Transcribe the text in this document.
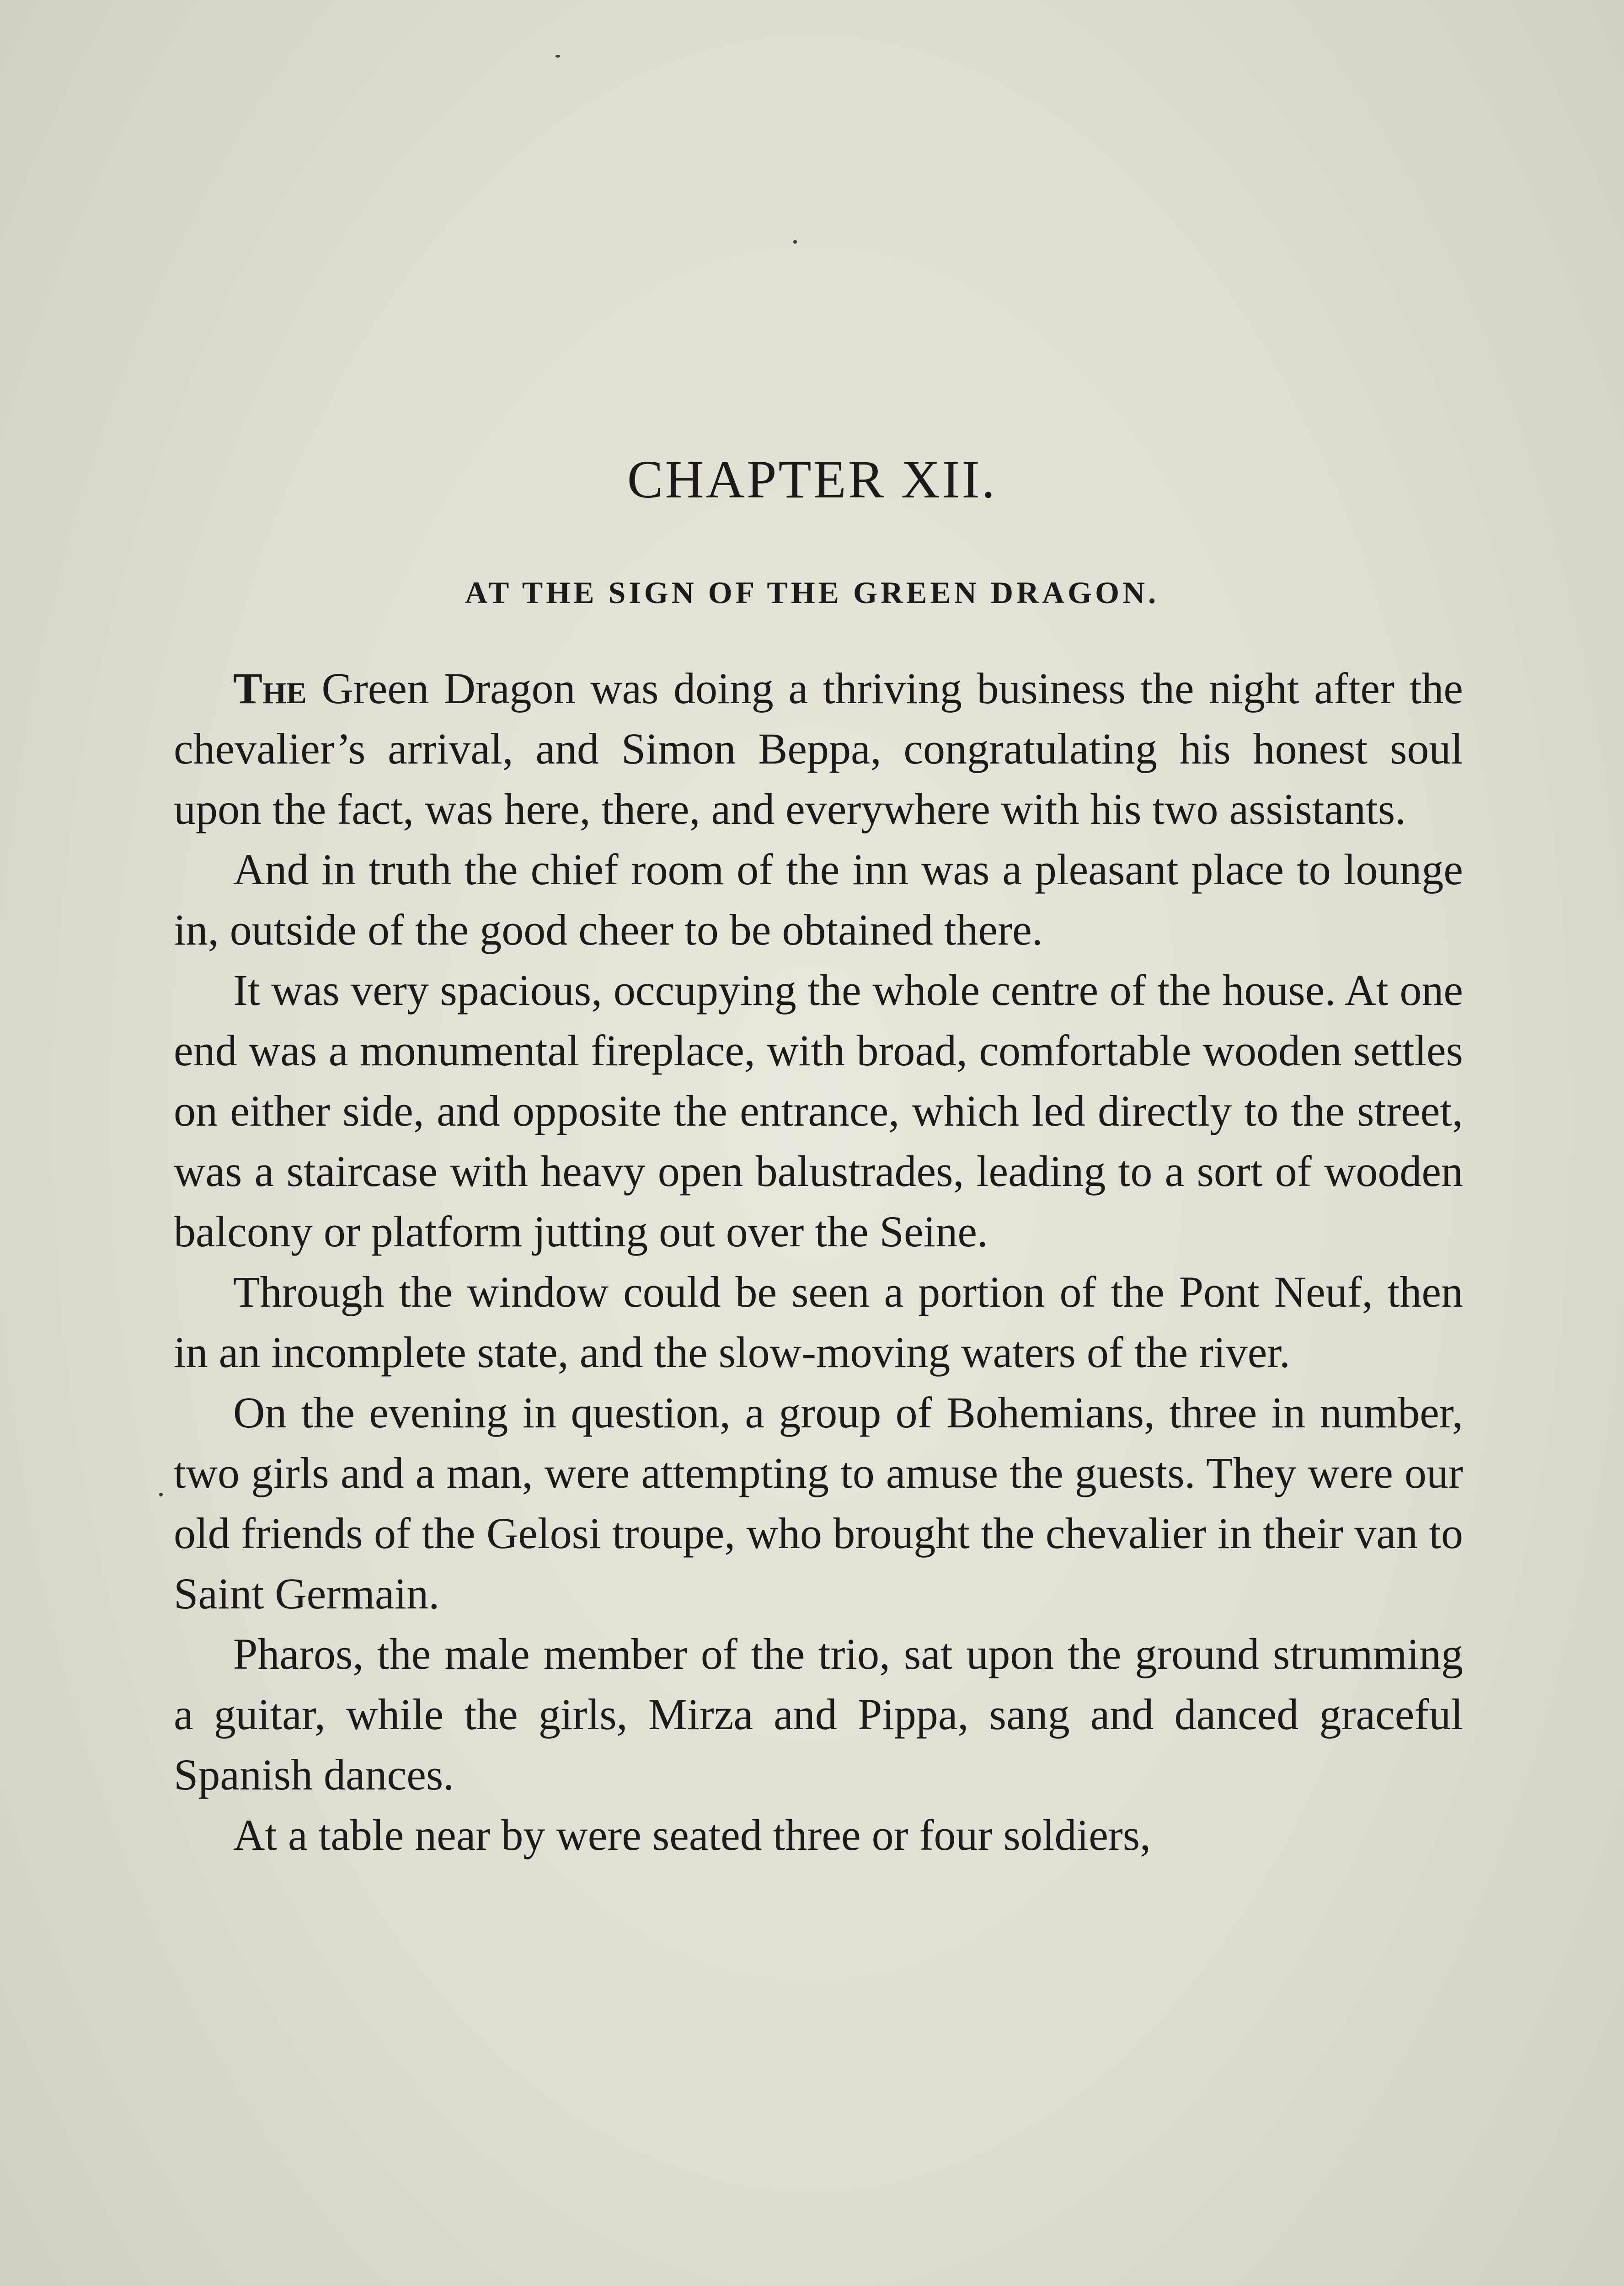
CHAPTER XII.
AT THE SIGN OF THE GREEN DRAGON.

The Green Dragon was doing a thriving business the night after the chevalier’s arrival, and Simon Beppa, congratulating his honest soul upon the fact, was here, there, and everywhere with his two assistants.

And in truth the chief room of the inn was a pleasant place to lounge in, outside of the good cheer to be obtained there.

It was very spacious, occupying the whole centre of the house. At one end was a monumental fireplace, with broad, comfortable wooden settles on either side, and opposite the entrance, which led directly to the street, was a staircase with heavy open balustrades, leading to a sort of wooden balcony or platform jutting out over the Seine.

Through the window could be seen a portion of the Pont Neuf, then in an incomplete state, and the slow-moving waters of the river.

On the evening in question, a group of Bohemians, three in number, two girls and a man, were attempting to amuse the guests. They were our old friends of the Gelosi troupe, who brought the chevalier in their van to Saint Germain.

Pharos, the male member of the trio, sat upon the ground strumming a guitar, while the girls, Mirza and Pippa, sang and danced graceful Spanish dances.

At a table near by were seated three or four soldiers,
